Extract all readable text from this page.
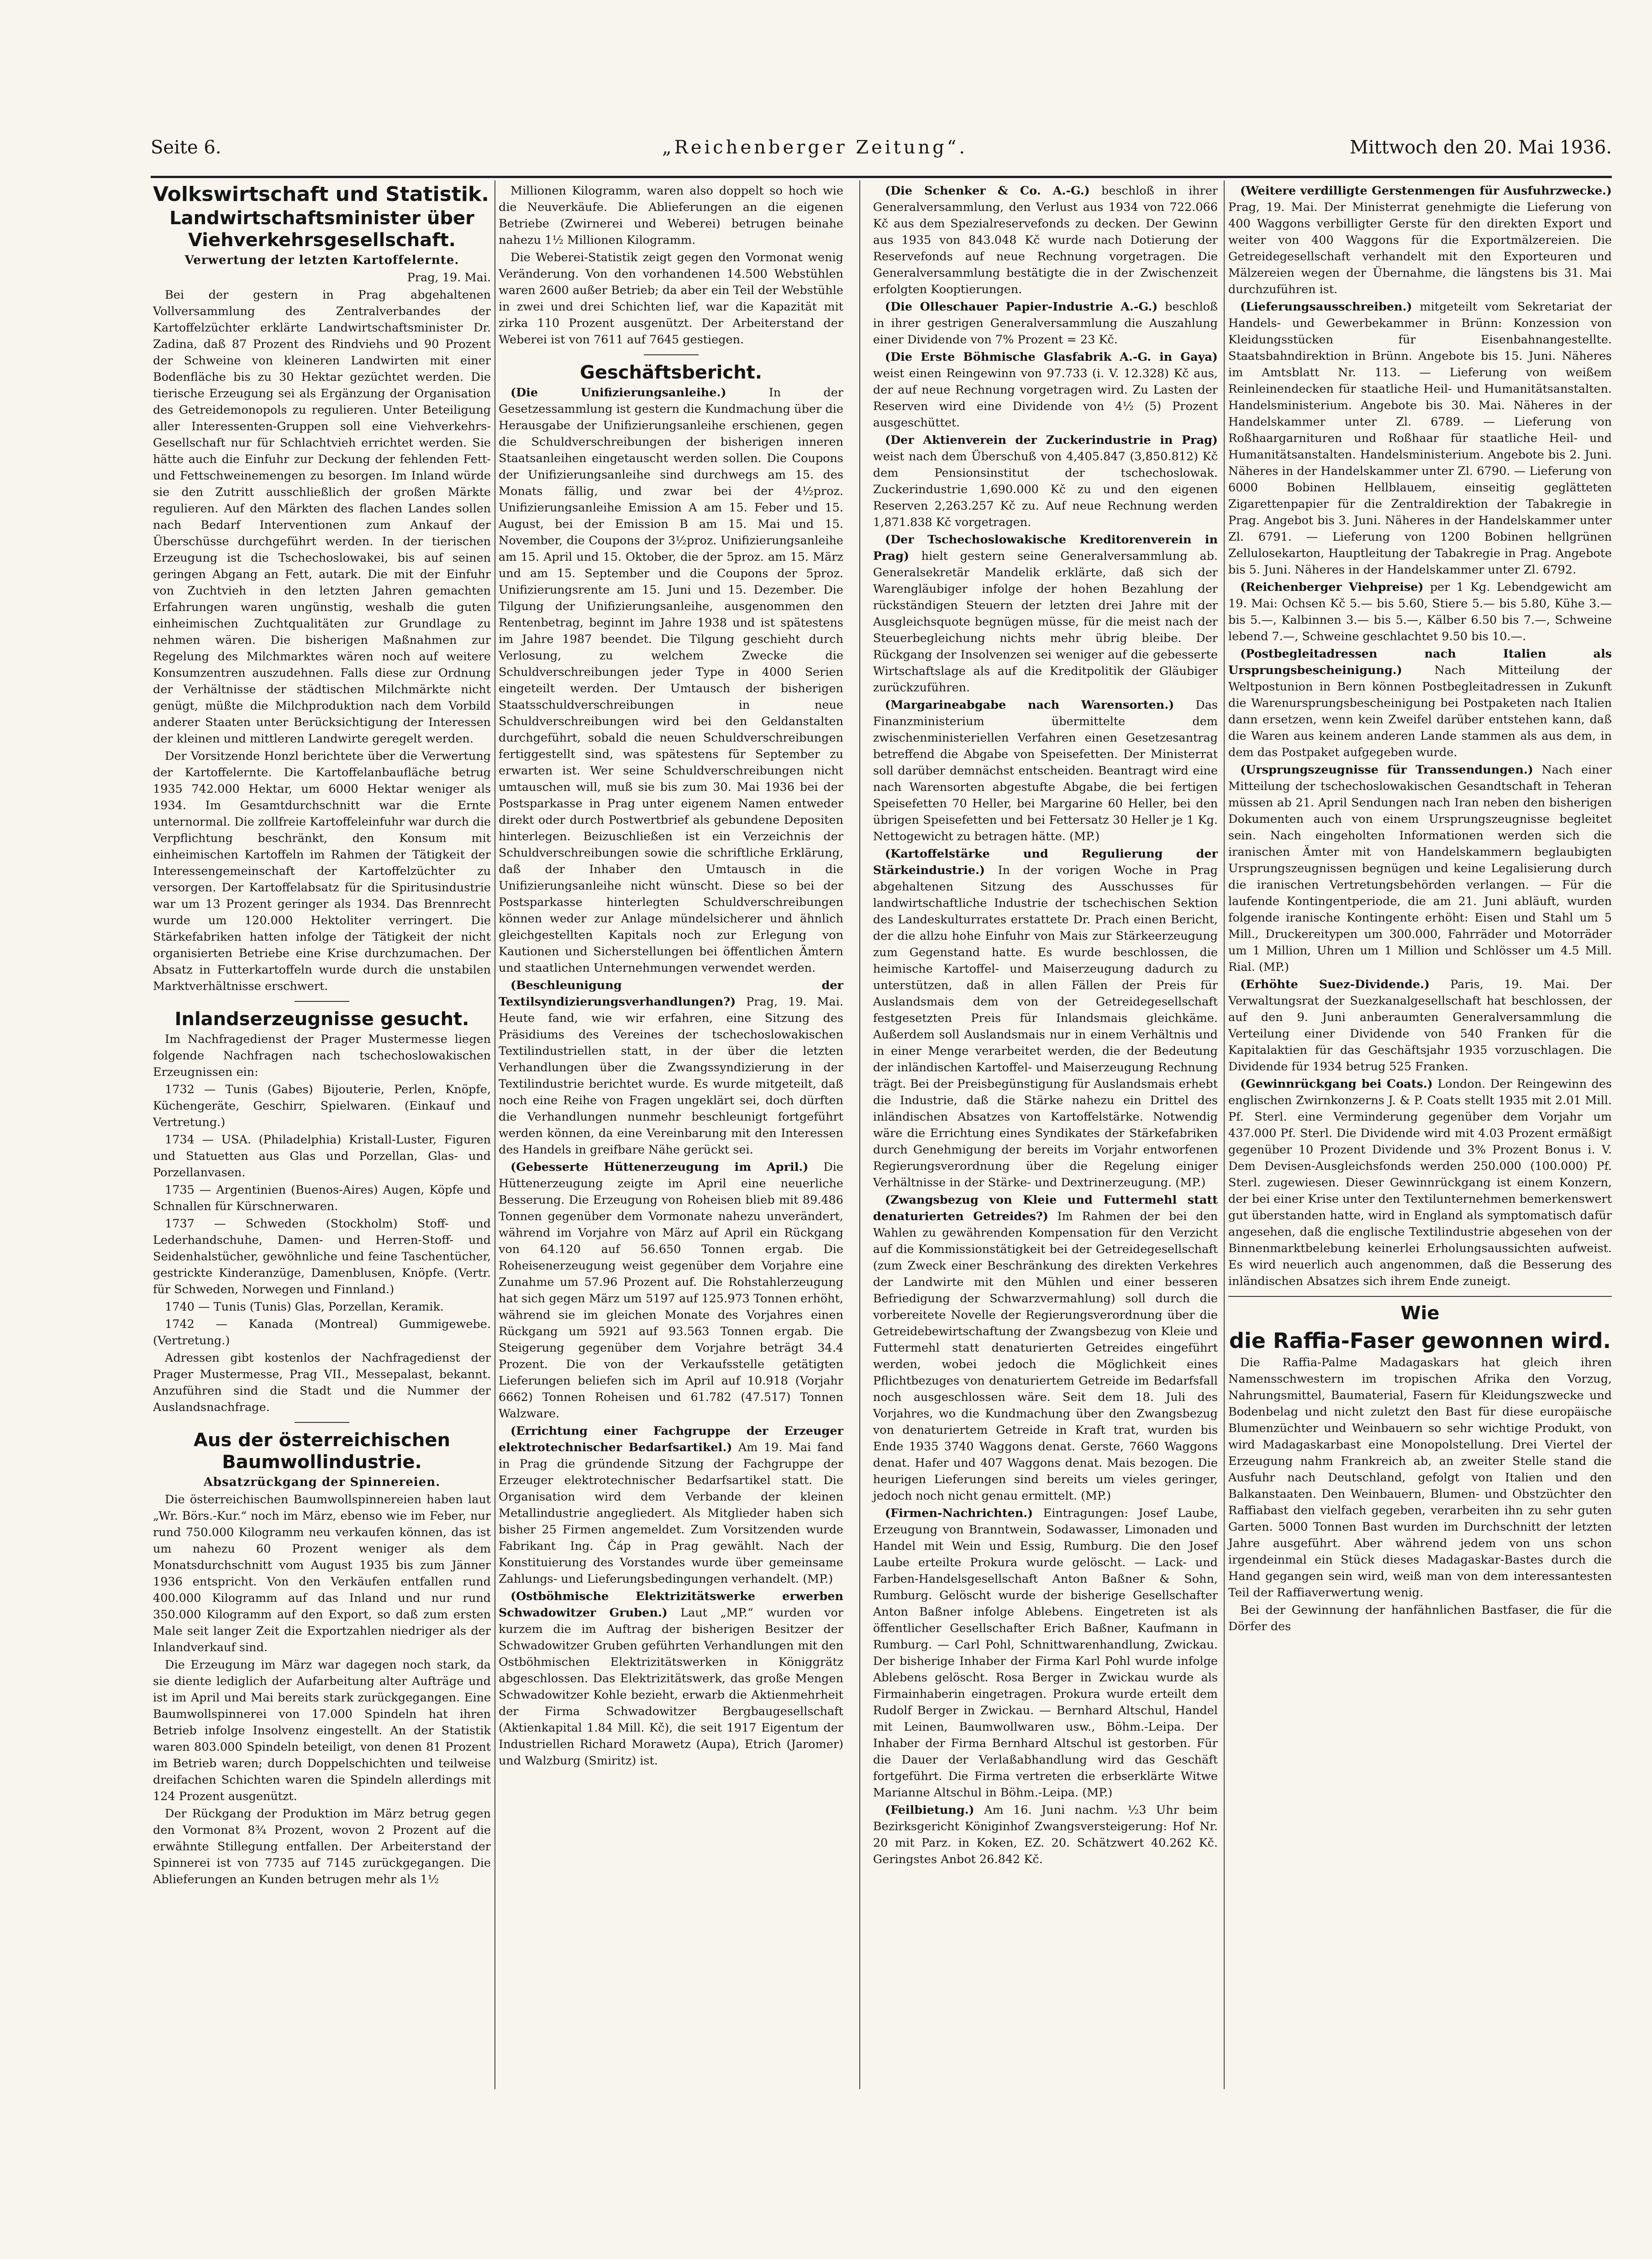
Seite 6.	„Reichenberger Zeitung“.	Mittwoch den 20. Mai 1936.

Volkswirtschaft und Statistik.

Landwirtschaftsminister über Viehverkehrsgesellschaft.

Verwertung der letzten Kartoffelernte.

Prag, 19. Mai.

Bei der gestern in Prag abgehaltenen Vollversammlung des Zentralverbandes der Kartoffelzüchter erklärte Landwirtschaftsminister Dr. Zadina, daß 87 Prozent des Rindviehs und 90 Prozent der Schweine von kleineren Landwirten mit einer Bodenfläche bis zu 30 Hektar gezüchtet werden. Die tierische Erzeugung sei als Ergänzung der Organisation des Getreidemonopols zu regulieren. Unter Beteiligung aller Interessenten-Gruppen soll eine Viehverkehrs-Gesellschaft nur für Schlachtvieh errichtet werden. Sie hätte auch die Einfuhr zur Deckung der fehlenden Fett- und Fettschweinemengen zu besorgen. Im Inland würde sie den Zutritt ausschließlich der großen Märkte regulieren. Auf den Märkten des flachen Landes sollen nach Bedarf Interventionen zum Ankauf der Überschüsse durchgeführt werden. In der tierischen Erzeugung ist die Tschechoslowakei, bis auf seinen geringen Abgang an Fett, autark. Die mit der Einfuhr von Zuchtvieh in den letzten Jahren gemachten Erfahrungen waren ungünstig, weshalb die guten einheimischen Zuchtqualitäten zur Grundlage zu nehmen wären. Die bisherigen Maßnahmen zur Regelung des Milchmarktes wären noch auf weitere Konsumzentren auszudehnen. Falls diese zur Ordnung der Verhältnisse der städtischen Milchmärkte nicht genügt, müßte die Milchproduktion nach dem Vorbild anderer Staaten unter Berücksichtigung der Interessen der kleinen und mittleren Landwirte geregelt werden.

Der Vorsitzende Honzl berichtete über die Verwertung der Kartoffelernte. Die Kartoffelanbaufläche betrug 1935 742.000 Hektar, um 6000 Hektar weniger als 1934. Im Gesamtdurchschnitt war die Ernte unternormal. Die zollfreie Kartoffeleinfuhr war durch die Verpflichtung beschränkt, den Konsum mit einheimischen Kartoffeln im Rahmen der Tätigkeit der Interessengemeinschaft der Kartoffelzüchter zu versorgen. Der Kartoffelabsatz für die Spiritusindustrie war um 13 Prozent geringer als 1934. Das Brennrecht wurde um 120.000 Hektoliter verringert. Die Stärkefabriken hatten infolge der Tätigkeit der nicht organisierten Betriebe eine Krise durchzumachen. Der Absatz in Futterkartoffeln wurde durch die unstabilen Marktverhältnisse erschwert.

Inlandserzeugnisse gesucht.

Im Nachfragedienst der Prager Mustermesse liegen folgende Nachfragen nach tschechoslowakischen Erzeugnissen ein:

1732 — Tunis (Gabes) Bijouterie, Perlen, Knöpfe, Küchengeräte, Geschirr, Spielwaren. (Einkauf und Vertretung.)

1734 — USA. (Philadelphia) Kristall-Luster, Figuren und Statuetten aus Glas und Porzellan, Glas- und Porzellanvasen.

1735 — Argentinien (Buenos-Aires) Augen, Köpfe und Schnallen für Kürschnerwaren.

1737 — Schweden (Stockholm) Stoff- und Lederhandschuhe, Damen- und Herren-Stoff- und Seidenhalstücher, gewöhnliche und feine Taschentücher, gestrickte Kinderanzüge, Damenblusen, Knöpfe. (Vertr. für Schweden, Norwegen und Finnland.)

1740 — Tunis (Tunis) Glas, Porzellan, Keramik.

1742 — Kanada (Montreal) Gummigewebe. (Vertretung.)

Adressen gibt kostenlos der Nachfragedienst der Prager Mustermesse, Prag VII., Messepalast, bekannt. Anzuführen sind die Stadt und die Nummer der Auslandsnachfrage.

Aus der österreichischen Baumwollindustrie.

Absatzrückgang der Spinnereien.

Die österreichischen Baumwollspinnereien haben laut „Wr. Börs.-Kur.“ noch im März, ebenso wie im Feber, nur rund 750.000 Kilogramm neu verkaufen können, das ist um nahezu 60 Prozent weniger als dem Monatsdurchschnitt vom August 1935 bis zum Jänner 1936 entspricht. Von den Verkäufen entfallen rund 400.000 Kilogramm auf das Inland und nur rund 350.000 Kilogramm auf den Export, so daß zum ersten Male seit langer Zeit die Exportzahlen niedriger als der Inlandverkauf sind.

Die Erzeugung im März war dagegen noch stark, da sie diente lediglich der Aufarbeitung alter Aufträge und ist im April und Mai bereits stark zurückgegangen. Eine Baumwollspinnerei von 17.000 Spindeln hat ihren Betrieb infolge Insolvenz eingestellt. An der Statistik waren 803.000 Spindeln beteiligt, von denen 81 Prozent im Betrieb waren; durch Doppelschichten und teilweise dreifachen Schichten waren die Spindeln allerdings mit 124 Prozent ausgenützt.

Der Rückgang der Produktion im März betrug gegen den Vormonat 8¾ Prozent, wovon 2 Prozent auf die erwähnte Stillegung entfallen. Der Arbeiterstand der Spinnerei ist von 7735 auf 7145 zurückgegangen. Die Ablieferungen an Kunden betrugen mehr als 1½

Millionen Kilogramm, waren also doppelt so hoch wie die Neuverkäufe. Die Ablieferungen an die eigenen Betriebe (Zwirnerei und Weberei) betrugen beinahe nahezu 1½ Millionen Kilogramm.

Die Weberei-Statistik zeigt gegen den Vormonat wenig Veränderung. Von den vorhandenen 14.500 Webstühlen waren 2600 außer Betrieb; da aber ein Teil der Webstühle in zwei und drei Schichten lief, war die Kapazität mit zirka 110 Prozent ausgenützt. Der Arbeiterstand der Weberei ist von 7611 auf 7645 gestiegen.

Geschäftsbericht.

(Die Unifizierungsanleihe.)	In der Gesetzessammlung ist gestern die Kundmachung über die Herausgabe der Unifizierungsanleihe erschienen, gegen die Schuldverschreibungen der bisherigen inneren Staatsanleihen eingetauscht werden sollen. Die Coupons der Unifizierungsanleihe sind durchwegs am 15. des Monats fällig, und zwar bei der 4½proz. Unifizierungsanleihe Emission A am 15. Feber und 15. August, bei der Emission B am 15. Mai und 15. November, die Coupons der 3½proz. Unifizierungsanleihe am 15. April und 15. Oktober, die der 5proz. am 15. März und am 15. September und die Coupons der 5proz. Unifizierungsrente am 15. Juni und 15. Dezember. Die Tilgung der Unifizierungsanleihe, ausgenommen den Rentenbetrag, beginnt im Jahre 1938 und ist spätestens im Jahre 1987 beendet. Die Tilgung geschieht durch Verlosung, zu welchem Zwecke die Schuldverschreibungen jeder Type in 4000 Serien eingeteilt werden. Der Umtausch der bisherigen Staatsschuldverschreibungen in neue Schuldverschreibungen wird bei den Geldanstalten durchgeführt, sobald die neuen Schuldverschreibungen fertiggestellt sind, was spätestens für September zu erwarten ist. Wer seine Schuldverschreibungen nicht umtauschen will, muß sie bis zum 30. Mai 1936 bei der Postsparkasse in Prag unter eigenem Namen entweder direkt oder durch Postwertbrief als gebundene Depositen hinterlegen. Beizuschließen ist ein Verzeichnis der Schuldverschreibungen sowie die schriftliche Erklärung, daß der Inhaber den Umtausch in die Unifizierungsanleihe nicht wünscht. Diese so bei der Postsparkasse hinterlegten Schuldverschreibungen können weder zur Anlage mündelsicherer und ähnlich gleichgestellten Kapitals noch zur Erlegung von Kautionen und Sicherstellungen bei öffentlichen Ämtern und staatlichen Unternehmungen verwendet werden.

(Beschleunigung der Textilsyndizierungsverhandlungen?) Prag, 19. Mai. Heute fand, wie wir erfahren, eine Sitzung des Präsidiums des Vereines der tschechoslowakischen Textilindustriellen statt, in der über die letzten Verhandlungen über die Zwangssyndizierung in der Textilindustrie berichtet wurde. Es wurde mitgeteilt, daß noch eine Reihe von Fragen ungeklärt sei, doch dürften die Verhandlungen nunmehr beschleunigt fortgeführt werden können, da eine Vereinbarung mit den Interessen des Handels in greifbare Nähe gerückt sei.

(Gebesserte Hüttenerzeugung im April.) Die Hüttenerzeugung zeigte im April eine neuerliche Besserung. Die Erzeugung von Roheisen blieb mit 89.486 Tonnen gegenüber dem Vormonate nahezu unverändert, während im Vorjahre von März auf April ein Rückgang von 64.120 auf 56.650 Tonnen ergab. Die Roheisenerzeugung weist gegenüber dem Vorjahre eine Zunahme um 57.96 Prozent auf. Die Rohstahlerzeugung hat sich gegen März um 5197 auf 125.973 Tonnen erhöht, während sie im gleichen Monate des Vorjahres einen Rückgang um 5921 auf 93.563 Tonnen ergab. Die Steigerung gegenüber dem Vorjahre beträgt 34.4 Prozent. Die von der Verkaufsstelle getätigten Lieferungen beliefen sich im April auf 10.918 (Vorjahr 6662) Tonnen Roheisen und 61.782 (47.517) Tonnen Walzware.

(Errichtung einer Fachgruppe der Erzeuger elektrotechnischer Bedarfsartikel.) Am 19. Mai fand in Prag die gründende Sitzung der Fachgruppe der Erzeuger elektrotechnischer Bedarfsartikel statt. Die Organisation wird dem Verbande der kleinen Metallindustrie angegliedert. Als Mitglieder haben sich bisher 25 Firmen angemeldet. Zum Vorsitzenden wurde Fabrikant Ing. Čáp in Prag gewählt. Nach der Konstituierung des Vorstandes wurde über gemeinsame Zahlungs- und Lieferungsbedingungen verhandelt. (MP.)

(Ostböhmische Elektrizitätswerke erwerben Schwadowitzer Gruben.) Laut „MP.“ wurden vor kurzem die im Auftrag der bisherigen Besitzer der Schwadowitzer Gruben geführten Verhandlungen mit den Ostböhmischen Elektrizitätswerken in Königgrätz abgeschlossen. Das Elektrizitätswerk, das große Mengen Schwadowitzer Kohle bezieht, erwarb die Aktienmehrheit der Firma Schwadowitzer Bergbaugesellschaft (Aktienkapital 1.84 Mill. Kč), die seit 1917 Eigentum der Industriellen Richard Morawetz (Aupa), Etrich (Jaromer) und Walzburg (Smiritz) ist.

(Die Schenker & Co. A.-G.) beschloß in ihrer Generalversammlung, den Verlust aus 1934 von 722.066 Kč aus dem Spezialreservefonds zu decken. Der Gewinn aus 1935 von 843.048 Kč wurde nach Dotierung der Reservefonds auf neue Rechnung vorgetragen. Die Generalversammlung bestätigte die in der Zwischenzeit erfolgten Kooptierungen.

(Die Olleschauer Papier-Industrie A.-G.) beschloß in ihrer gestrigen Generalversammlung die Auszahlung einer Dividende von 7% Prozent = 23 Kč.

(Die Erste Böhmische Glasfabrik A.-G. in Gaya) weist einen Reingewinn von 97.733 (i. V. 12.328) Kč aus, der auf neue Rechnung vorgetragen wird. Zu Lasten der Reserven wird eine Dividende von 4½ (5) Prozent ausgeschüttet.

(Der Aktienverein der Zuckerindustrie in Prag) weist nach dem Überschuß von 4,405.847 (3,850.812) Kč dem Pensionsinstitut der tschechoslowak. Zuckerindustrie 1,690.000 Kč zu und den eigenen Reserven 2,263.257 Kč zu. Auf neue Rechnung werden 1,871.838 Kč vorgetragen.

(Der Tschechoslowakische Kreditorenverein in Prag) hielt gestern seine Generalversammlung ab. Generalsekretär Mandelik erklärte, daß sich der Warengläubiger infolge der hohen Bezahlung der rückständigen Steuern der letzten drei Jahre mit der Ausgleichsquote begnügen müsse, für die meist nach der Steuerbegleichung nichts mehr übrig bleibe. Der Rückgang der Insolvenzen sei weniger auf die gebesserte Wirtschaftslage als auf die Kreditpolitik der Gläubiger zurückzuführen.

(Margarineabgabe nach Warensorten.) Das Finanzministerium übermittelte dem zwischenministeriellen Verfahren einen Gesetzesantrag betreffend die Abgabe von Speisefetten. Der Ministerrat soll darüber demnächst entscheiden. Beantragt wird eine nach Warensorten abgestufte Abgabe, die bei fertigen Speisefetten 70 Heller, bei Margarine 60 Heller, bei den übrigen Speisefetten und bei Fettersatz 30 Heller je 1 Kg. Nettogewicht zu betragen hätte. (MP.)

(Kartoffelstärke und Regulierung der Stärkeindustrie.) In der vorigen Woche in Prag abgehaltenen Sitzung des Ausschusses für landwirtschaftliche Industrie der tschechischen Sektion des Landeskulturrates erstattete Dr. Prach einen Bericht, der die allzu hohe Einfuhr von Mais zur Stärkeerzeugung zum Gegenstand hatte. Es wurde beschlossen, die heimische Kartoffel- und Maiserzeugung dadurch zu unterstützen, daß in allen Fällen der Preis für Auslandsmais dem von der Getreidegesellschaft festgesetzten Preis für Inlandsmais gleichkäme. Außerdem soll Auslandsmais nur in einem Verhältnis und in einer Menge verarbeitet werden, die der Bedeutung der inländischen Kartoffel- und Maiserzeugung Rechnung trägt. Bei der Preisbegünstigung für Auslandsmais erhebt die Industrie, daß die Stärke nahezu ein Drittel des inländischen Absatzes von Kartoffelstärke. Notwendig wäre die Errichtung eines Syndikates der Stärkefabriken durch Genehmigung der bereits im Vorjahr entworfenen Regierungsverordnung über die Regelung einiger Verhältnisse in der Stärke- und Dextrinerzeugung. (MP.)

(Zwangsbezug von Kleie und Futtermehl statt denaturierten Getreides?) Im Rahmen der bei den Wahlen zu gewährenden Kompensation für den Verzicht auf die Kommissionstätigkeit bei der Getreidegesellschaft (zum Zweck einer Beschränkung des direkten Verkehres der Landwirte mit den Mühlen und einer besseren Befriedigung der Schwarzvermahlung) soll durch die vorbereitete Novelle der Regierungsverordnung über die Getreidebewirtschaftung der Zwangsbezug von Kleie und Futtermehl statt denaturierten Getreides eingeführt werden, wobei jedoch die Möglichkeit eines Pflichtbezuges von denaturiertem Getreide im Bedarfsfall noch ausgeschlossen wäre. Seit dem 18. Juli des Vorjahres, wo die Kundmachung über den Zwangsbezug von denaturiertem Getreide in Kraft trat, wurden bis Ende 1935 3740 Waggons denat. Gerste, 7660 Waggons denat. Hafer und 407 Waggons denat. Mais bezogen. Die heurigen Lieferungen sind bereits um vieles geringer, jedoch noch nicht genau ermittelt. (MP.)

(Firmen-Nachrichten.) Eintragungen: Josef Laube, Erzeugung von Branntwein, Sodawasser, Limonaden und Handel mit Wein und Essig, Rumburg. Die den Josef Laube erteilte Prokura wurde gelöscht. — Lack- und Farben-Handelsgesellschaft Anton Baßner & Sohn, Rumburg. Gelöscht wurde der bisherige Gesellschafter Anton Baßner infolge Ablebens. Eingetreten ist als öffentlicher Gesellschafter Erich Baßner, Kaufmann in Rumburg. — Carl Pohl, Schnittwarenhandlung, Zwickau. Der bisherige Inhaber der Firma Karl Pohl wurde infolge Ablebens gelöscht. Rosa Berger in Zwickau wurde als Firmainhaberin eingetragen. Prokura wurde erteilt dem Rudolf Berger in Zwickau. — Bernhard Altschul, Handel mit Leinen, Baumwollwaren usw., Böhm.-Leipa. Der Inhaber der Firma Bernhard Altschul ist gestorben. Für die Dauer der Verlaßabhandlung wird das Geschäft fortgeführt. Die Firma vertreten die erbserklärte Witwe Marianne Altschul in Böhm.-Leipa. (MP.)

(Feilbietung.) Am 16. Juni nachm. ½3 Uhr beim Bezirksgericht Königinhof Zwangsversteigerung: Hof Nr. 20 mit Parz. in Koken, EZ. 20. Schätzwert 40.262 Kč. Geringstes Anbot 26.842 Kč.

(Weitere verdilligte Gerstenmengen für Ausfuhrzwecke.) Prag, 19. Mai. Der Ministerrat genehmigte die Lieferung von 400 Waggons verbilligter Gerste für den direkten Export und weiter von 400 Waggons für die Exportmälzereien. Die Getreidegesellschaft verhandelt mit den Exporteuren und Mälzereien wegen der Übernahme, die längstens bis 31. Mai durchzuführen ist.

(Lieferungsausschreiben.) mitgeteilt vom Sekretariat der Handels- und Gewerbekammer in Brünn: Konzession von Kleidungsstücken für Eisenbahnangestellte. Staatsbahndirektion in Brünn. Angebote bis 15. Juni. Näheres im Amtsblatt Nr. 113. — Lieferung von weißem Reinleinendecken für staatliche Heil- und Humanitätsanstalten. Handelsministerium. Angebote bis 30. Mai. Näheres in der Handelskammer unter Zl. 6789. — Lieferung von Roßhaargarnituren und Roßhaar für staatliche Heil- und Humanitätsanstalten. Handelsministerium. Angebote bis 2. Juni. Näheres in der Handelskammer unter Zl. 6790. — Lieferung von 6000 Bobinen Hellblauem, einseitig geglätteten Zigarettenpapier für die Zentraldirektion der Tabakregie in Prag. Angebot bis 3. Juni. Näheres in der Handelskammer unter Zl. 6791. — Lieferung von 1200 Bobinen hellgrünen Zellulosekarton, Hauptleitung der Tabakregie in Prag. Angebote bis 5. Juni. Näheres in der Handelskammer unter Zl. 6792.

(Reichenberger Viehpreise) per 1 Kg. Lebendgewicht am 19. Mai: Ochsen Kč 5.— bis 5.60, Stiere 5.— bis 5.80, Kühe 3.— bis 5.—, Kalbinnen 3.— bis 5.—, Kälber 6.50 bis 7.—, Schweine lebend 7.—, Schweine geschlachtet 9.50 bis 10.—.

(Postbegleitadressen nach Italien als Ursprungsbescheinigung.)	Nach Mitteilung der Weltpostunion in Bern können Postbegleitadressen in Zukunft die Warenursprungsbescheinigung bei Postpaketen nach Italien dann ersetzen, wenn kein Zweifel darüber entstehen kann, daß die Waren aus keinem anderen Lande stammen als aus dem, in dem das Postpaket aufgegeben wurde.

(Ursprungszeugnisse für Transsendungen.) Nach einer Mitteilung der tschechoslowakischen Gesandtschaft in Teheran müssen ab 21. April Sendungen nach Iran neben den bisherigen Dokumenten auch von einem Ursprungszeugnisse begleitet sein. Nach eingeholten Informationen werden sich die iranischen Ämter mit von Handelskammern beglaubigten Ursprungszeugnissen begnügen und keine Legalisierung durch die iranischen Vertretungsbehörden verlangen. — Für die laufende Kontingentperiode, die am 21. Juni abläuft, wurden folgende iranische Kontingente erhöht: Eisen und Stahl um 5 Mill., Druckereitypen um 300.000, Fahrräder und Motorräder um 1 Million, Uhren um 1 Million und Schlösser um 4.5 Mill. Rial. (MP.)

(Erhöhte Suez-Dividende.) Paris, 19. Mai. Der Verwaltungsrat der Suezkanalgesellschaft hat beschlossen, der auf den 9. Juni anberaumten Generalversammlung die Verteilung einer Dividende von 540 Franken für die Kapitalaktien für das Geschäftsjahr 1935 vorzuschlagen. Die Dividende für 1934 betrug 525 Franken.

(Gewinnrückgang bei Coats.) London. Der Reingewinn des englischen Zwirnkonzerns J. & P. Coats stellt 1935 mit 2.01 Mill. Pf. Sterl. eine Verminderung gegenüber dem Vorjahr um 437.000 Pf. Sterl. Die Dividende wird mit 4.03 Prozent ermäßigt gegenüber 10 Prozent Dividende und 3% Prozent Bonus i. V. Dem Devisen-Ausgleichsfonds werden 250.000 (100.000) Pf. Sterl. zugewiesen. Dieser Gewinnrückgang ist einem Konzern, der bei einer Krise unter den Textilunternehmen bemerkenswert gut überstanden hatte, wird in England als symptomatisch dafür angesehen, daß die englische Textilindustrie abgesehen von der Binnenmarktbelebung keinerlei Erholungsaussichten aufweist. Es wird neuerlich auch angenommen, daß die Besserung des inländischen Absatzes sich ihrem Ende zuneigt.

Wie

die Raffia-Faser gewonnen wird.

Die Raffia-Palme Madagaskars hat gleich ihren Namensschwestern im tropischen Afrika den Vorzug, Nahrungsmittel, Baumaterial, Fasern für Kleidungszwecke und Bodenbelag und nicht zuletzt den Bast für diese europäische Blumenzüchter und Weinbauern so sehr wichtige Produkt, von wird Madagaskarbast eine Monopolstellung. Drei Viertel der Erzeugung nahm Frankreich ab, an zweiter Stelle stand die Ausfuhr nach Deutschland, gefolgt von Italien und den Balkanstaaten. Den Weinbauern, Blumen- und Obstzüchter den Raffiabast den vielfach gegeben, verarbeiten ihn zu sehr guten Garten. 5000 Tonnen Bast wurden im Durchschnitt der letzten Jahre ausgeführt. Aber während jedem von uns schon irgendeinmal ein Stück dieses Madagaskar-Bastes durch die Hand gegangen sein wird, weiß man von dem interessantesten Teil der Raffiaverwertung wenig.

Bei der Gewinnung der hanfähnlichen Bastfaser, die für die Dörfer des
